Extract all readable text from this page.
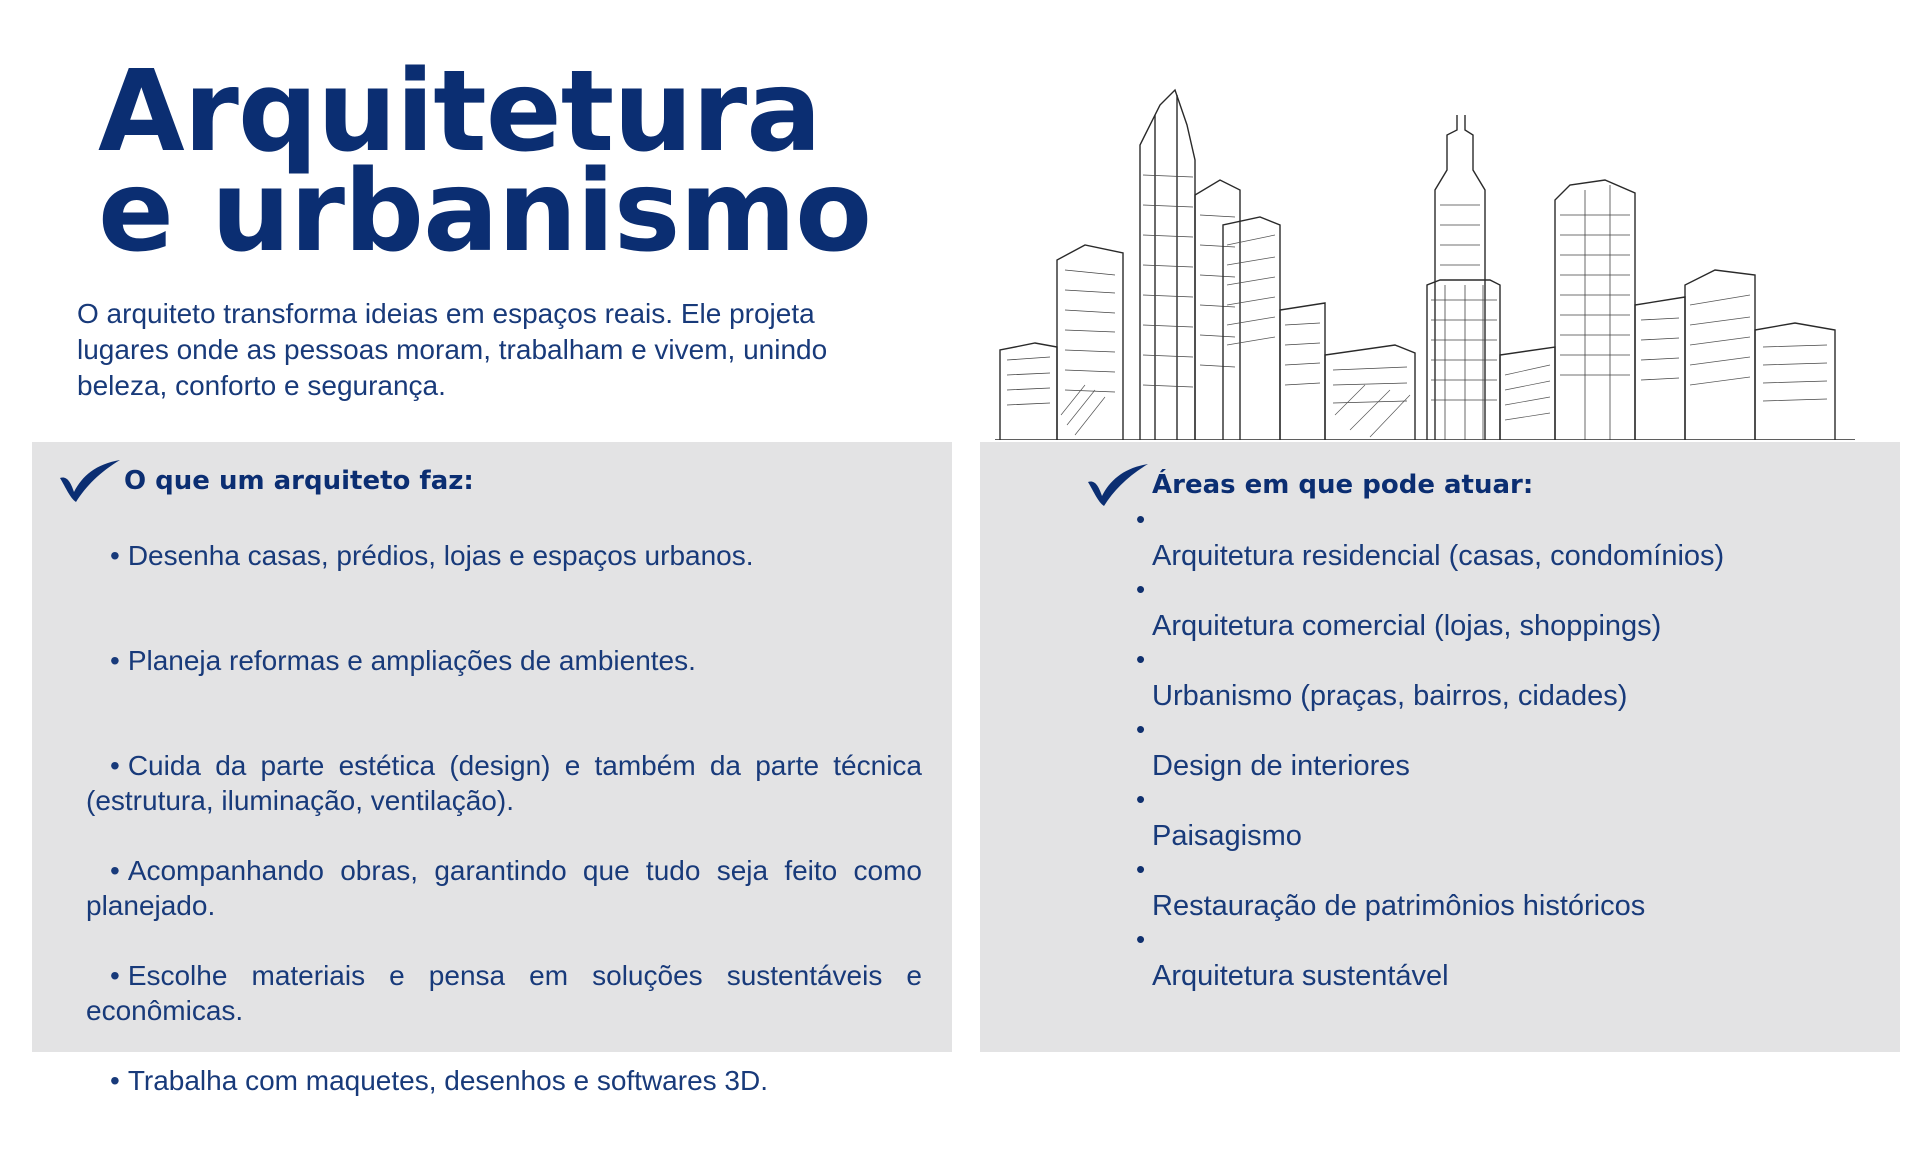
Arquitetura
e urbanismo

O arquiteto transforma ideias em espaços reais. Ele projeta lugares onde as pessoas moram, trabalham e vivem, unindo beleza, conforto e segurança.

O que um arquiteto faz:
• Desenha casas, prédios, lojas e espaços urbanos.
• Planeja reformas e ampliações de ambientes.
• Cuida da parte estética (design) e também da parte técnica (estrutura, iluminação, ventilação).
• Acompanhando obras, garantindo que tudo seja feito como planejado.
• Escolhe materiais e pensa em soluções sustentáveis e econômicas.
• Trabalha com maquetes, desenhos e softwares 3D.
Áreas em que pode atuar:
•
Arquitetura residencial (casas, condomínios)
•
Arquitetura comercial (lojas, shoppings)
•
Urbanismo (praças, bairros, cidades)
•
Design de interiores
•
Paisagismo
•
Restauração de patrimônios históricos
•
Arquitetura sustentável
